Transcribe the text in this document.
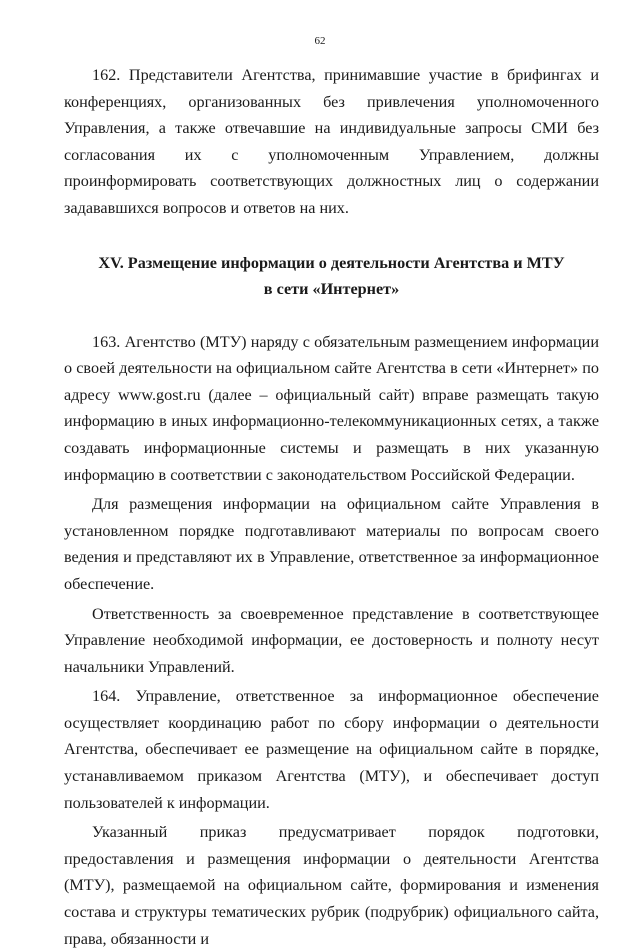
62

162. Представители Агентства, принимавшие участие в брифингах и конференциях, организованных без привлечения уполномоченного Управления, а также отвечавшие на индивидуальные запросы СМИ без согласования их с уполномоченным Управлением, должны проинформировать соответствующих должностных лиц о содержании задававшихся вопросов и ответов на них.

XV. Размещение информации о деятельности Агентства и МТУ
в сети «Интернет»

163. Агентство (МТУ) наряду с обязательным размещением информации о своей деятельности на официальном сайте Агентства в сети «Интернет» по адресу www.gost.ru (далее – официальный сайт) вправе размещать такую информацию в иных информационно-телекоммуникационных сетях, а также создавать информационные системы и размещать в них указанную информацию в соответствии с законодательством Российской Федерации.

Для размещения информации на официальном сайте Управления в установленном порядке подготавливают материалы по вопросам своего ведения и представляют их в Управление, ответственное за информационное обеспечение.

Ответственность за своевременное представление в соответствующее Управление необходимой информации, ее достоверность и полноту несут начальники Управлений.

164. Управление, ответственное за информационное обеспечение осуществляет координацию работ по сбору информации о деятельности Агентства, обеспечивает ее размещение на официальном сайте в порядке, устанавливаемом приказом Агентства (МТУ), и обеспечивает доступ пользователей к информации.

Указанный приказ предусматривает порядок подготовки, предоставления и размещения информации о деятельности Агентства (МТУ), размещаемой на официальном сайте, формирования и изменения состава и структуры тематических рубрик (подрубрик) официального сайта, права, обязанности и
